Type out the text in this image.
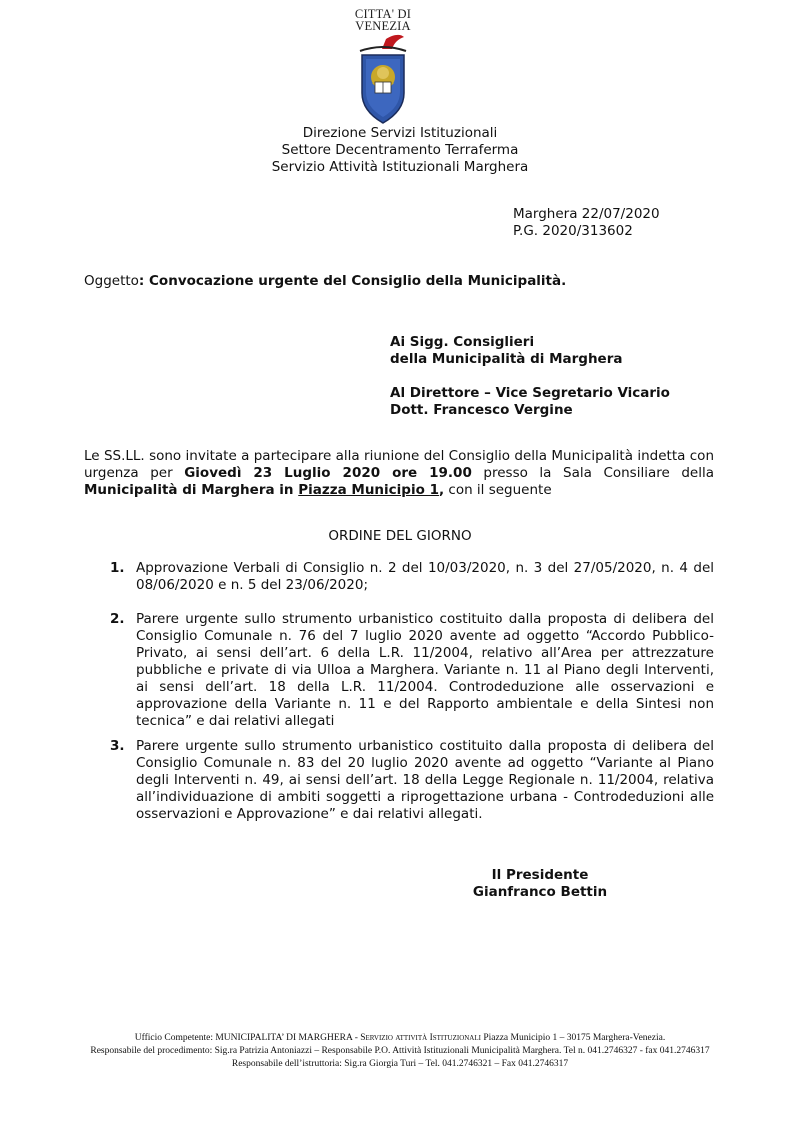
CITTA' DI
VENEZIA
Direzione Servizi Istituzionali
Settore Decentramento Terraferma
Servizio Attività Istituzionali Marghera
Marghera 22/07/2020
P.G. 2020/313602
Oggetto: Convocazione urgente del Consiglio della Municipalità.
Ai Sigg. Consiglieri
della Municipalità di Marghera
Al Direttore – Vice Segretario Vicario
Dott. Francesco Vergine
Le SS.LL. sono invitate a partecipare alla riunione del Consiglio della Municipalità indetta con urgenza per Giovedì 23 Luglio 2020 ore 19.00 presso la Sala Consiliare della Municipalità di Marghera in Piazza Municipio 1, con il seguente
ORDINE DEL GIORNO
1. Approvazione Verbali di Consiglio n. 2 del 10/03/2020, n. 3 del 27/05/2020, n. 4 del 08/06/2020 e n. 5 del 23/06/2020;
2. Parere urgente sullo strumento urbanistico costituito dalla proposta di delibera del Consiglio Comunale n. 76 del 7 luglio 2020 avente ad oggetto “Accordo Pubblico-Privato, ai sensi dell’art. 6 della L.R. 11/2004, relativo all’Area per attrezzature pubbliche e private di via Ulloa a Marghera. Variante n. 11 al Piano degli Interventi, ai sensi dell’art. 18 della L.R. 11/2004. Controdeduzione alle osservazioni e approvazione della Variante n. 11 e del Rapporto ambientale e della Sintesi non tecnica” e dai relativi allegati
3. Parere urgente sullo strumento urbanistico costituito dalla proposta di delibera del Consiglio Comunale n. 83 del 20 luglio 2020 avente ad oggetto “Variante al Piano degli Interventi n. 49, ai sensi dell’art. 18 della Legge Regionale n. 11/2004, relativa all’individuazione di ambiti soggetti a riprogettazione urbana - Controdeduzioni alle osservazioni e Approvazione” e dai relativi allegati.
Il Presidente
Gianfranco Bettin
Ufficio Competente: MUNICIPALITA’ DI MARGHERA - Servizio attività Istituzionali Piazza Municipio 1 – 30175 Marghera-Venezia.
Responsabile del procedimento: Sig.ra Patrizia Antoniazzi – Responsabile P.O. Attività Istituzionali Municipalità Marghera. Tel n. 041.2746327 - fax 041.2746317
Responsabile dell’istruttoria: Sig.ra Giorgia Turi – Tel. 041.2746321 – Fax 041.2746317
